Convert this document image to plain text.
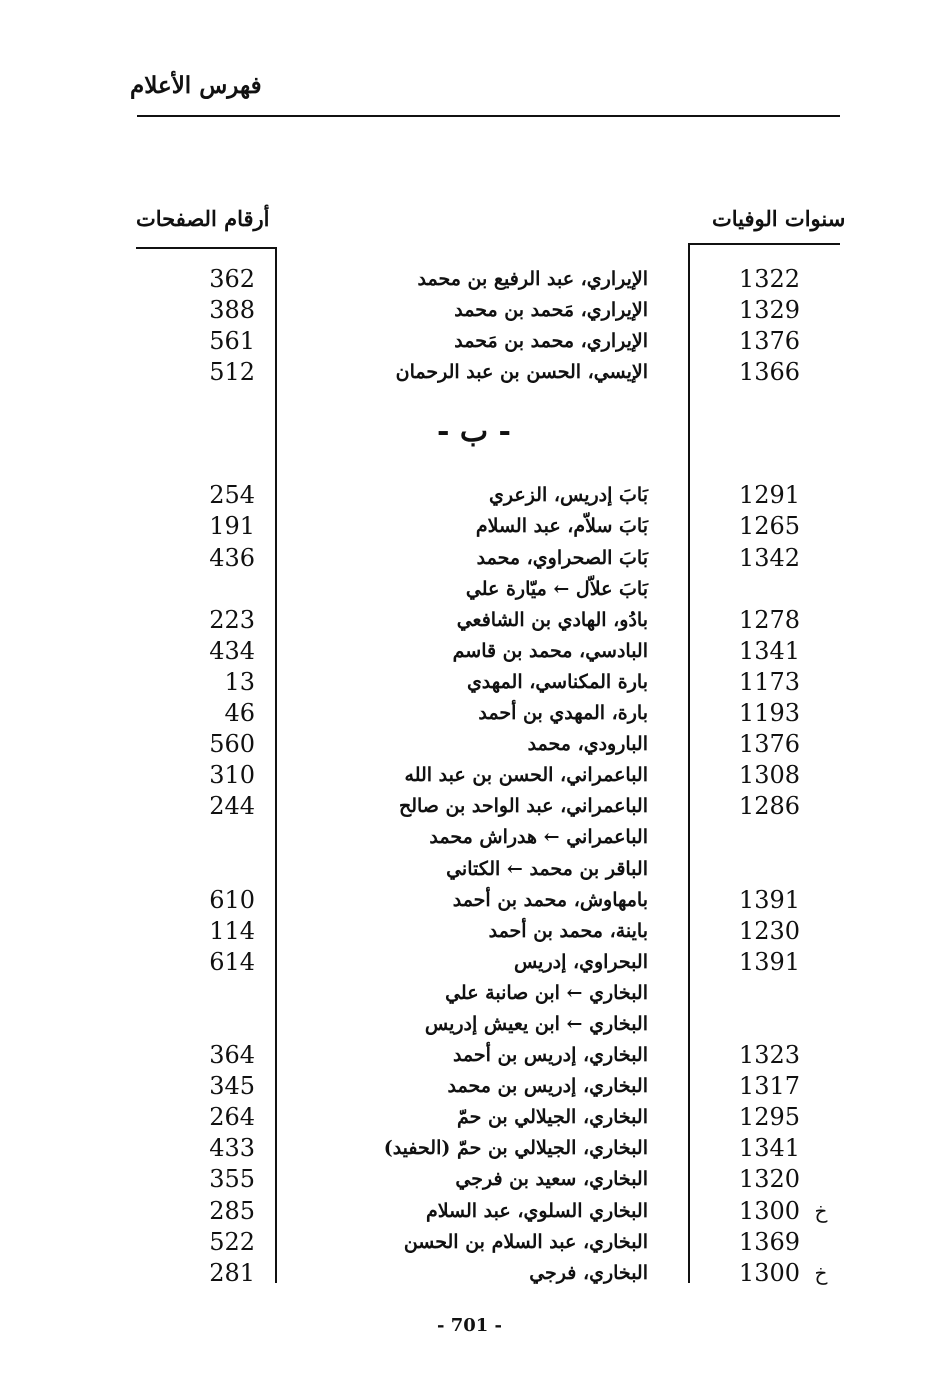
فهرس الأعلام
أرقام الصفحات	سنوات الوفيات
362	الإيراري، عبد الرفيع بن محمد	1322
388	الإيراري، مَحمد بن محمد	1329
561	الإيراري، محمد بن مَحمد	1376
512	الإيسي، الحسن بن عبد الرحمان	1366
- ب -
254	بَابَ إدريس، الزعري	1291
191	بَابَ سلاّم، عبد السلام	1265
436	بَابَ الصحراوي، محمد	1342
بَابَ علاّل ← ميّارة علي
223	بادُو، الهادي بن الشافعي	1278
434	البادسي، محمد بن قاسم	1341
13	بارة المكناسي، المهدي	1173
46	بارة، المهدي بن أحمد	1193
560	البارودي، محمد	1376
310	الباعمراني، الحسن بن عبد الله	1308
244	الباعمراني، عبد الواحد بن صالح	1286
الباعمراني ← هدراش محمد
الباقر بن محمد ← الكتاني
610	بامهاوش، محمد بن أحمد	1391
114	باينة، محمد بن أحمد	1230
614	البحراوي، إدريس	1391
البخاري ← ابن صانبة علي
البخاري ← ابن يعيش إدريس
364	البخاري، إدريس بن أحمد	1323
345	البخاري، إدريس بن محمد	1317
264	البخاري، الجيلالي بن حمّ	1295
433	البخاري، الجيلالي بن حمّ (الحفيد)	1341
355	البخاري، سعيد بن فرجي	1320
285	البخاري السلوي، عبد السلام	1300 خ
522	البخاري، عبد السلام بن الحسن	1369
281	البخاري، فرجي	1300 خ
- 701 -
